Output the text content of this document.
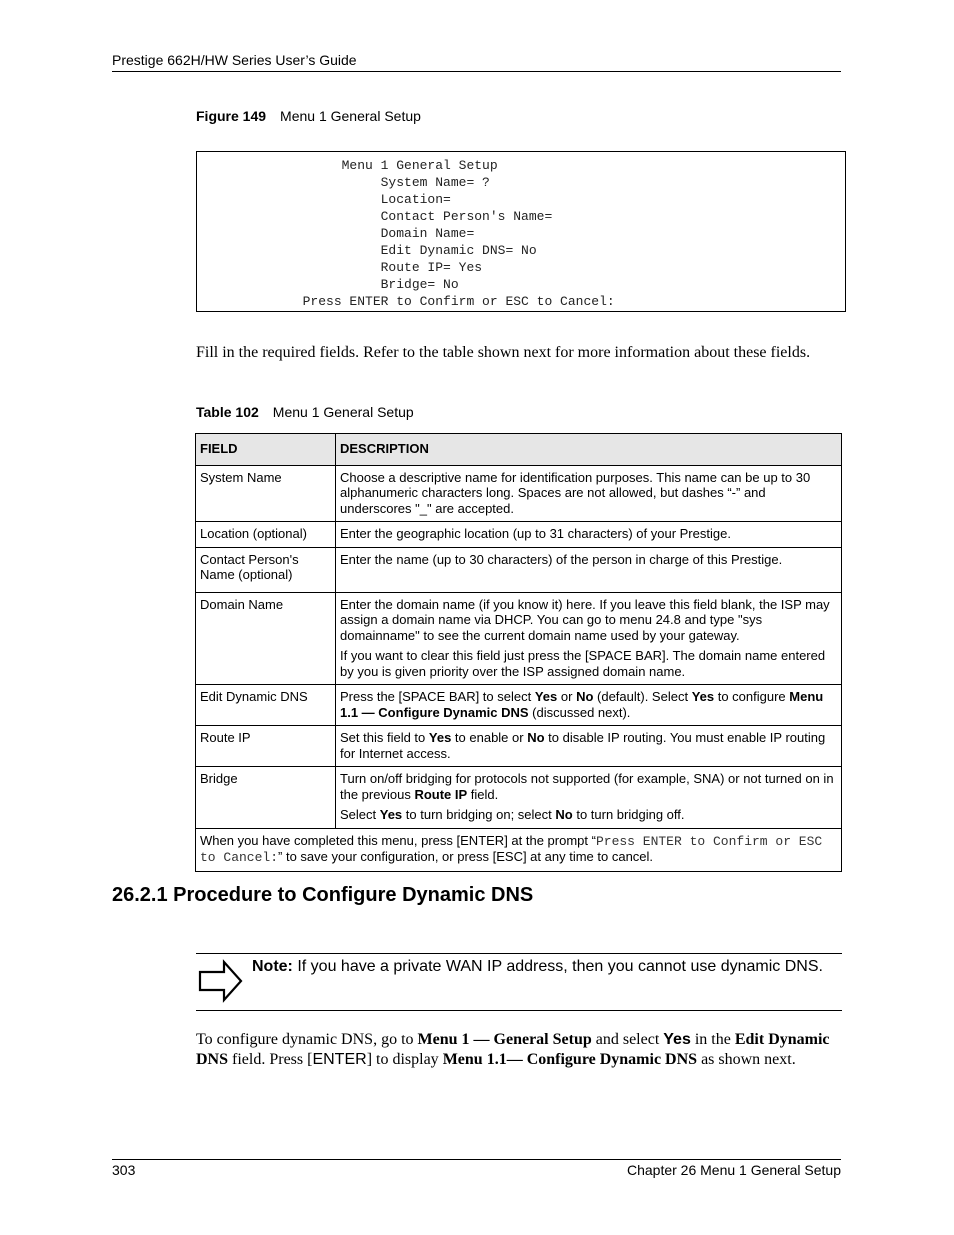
Prestige 662H/HW Series User’s Guide
Figure 149 Menu 1 General Setup
Menu 1 General Setup
System Name= ?
Location=
Contact Person's Name=
Domain Name=
Edit Dynamic DNS= No
Route IP= Yes
Bridge= No
Press ENTER to Confirm or ESC to Cancel:
Fill in the required fields. Refer to the table shown next for more information about these fields.
Table 102 Menu 1 General Setup
FIELD	DESCRIPTION
System Name	Choose a descriptive name for identification purposes. This name can be up to 30 alphanumeric characters long. Spaces are not allowed, but dashes “-” and underscores "_" are accepted.
Location (optional)	Enter the geographic location (up to 31 characters) of your Prestige.
Contact Person's Name (optional)	Enter the name (up to 30 characters) of the person in charge of this Prestige.
Domain Name	Enter the domain name (if you know it) here. If you leave this field blank, the ISP may assign a domain name via DHCP. You can go to menu 24.8 and type "sys domainname" to see the current domain name used by your gateway.

If you want to clear this field just press the [SPACE BAR]. The domain name entered by you is given priority over the ISP assigned domain name.

Edit Dynamic DNS	Press the [SPACE BAR] to select Yes or No (default). Select Yes to configure Menu 1.1 — Configure Dynamic DNS (discussed next).
Route IP	Set this field to Yes to enable or No to disable IP routing. You must enable IP routing for Internet access.
Bridge	Turn on/off bridging for protocols not supported (for example, SNA) or not turned on in the previous Route IP field.

Select Yes to turn bridging on; select No to turn bridging off.

When you have completed this menu, press [ENTER] at the prompt “Press ENTER to Confirm or ESC to Cancel:” to save your configuration, or press [ESC] at any time to cancel.	
26.2.1 Procedure to Configure Dynamic DNS
Note: If you have a private WAN IP address, then you cannot use dynamic DNS.
To configure dynamic DNS, go to Menu 1 — General Setup and select Yes in the Edit Dynamic DNS field. Press [ENTER] to display Menu 1.1— Configure Dynamic DNS as shown next.
303	Chapter 26 Menu 1 General Setup
